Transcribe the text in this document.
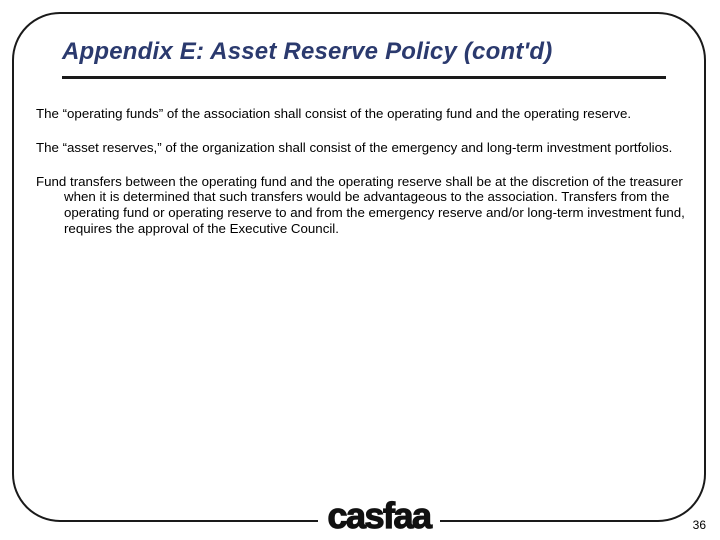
Appendix E: Asset Reserve Policy (cont'd)

The “operating funds” of the association shall consist of the operating fund and the operating reserve.

The “asset reserves,” of the organization shall consist of the emergency and long-term investment portfolios.

Fund transfers between the operating fund and the operating reserve shall be at the discretion of the treasurer when it is determined that such transfers would be advantageous to the association. Transfers from the operating fund or operating reserve to and from the emergency reserve and/or long-term investment fund, requires the approval of the Executive Council.

casfaa	36
